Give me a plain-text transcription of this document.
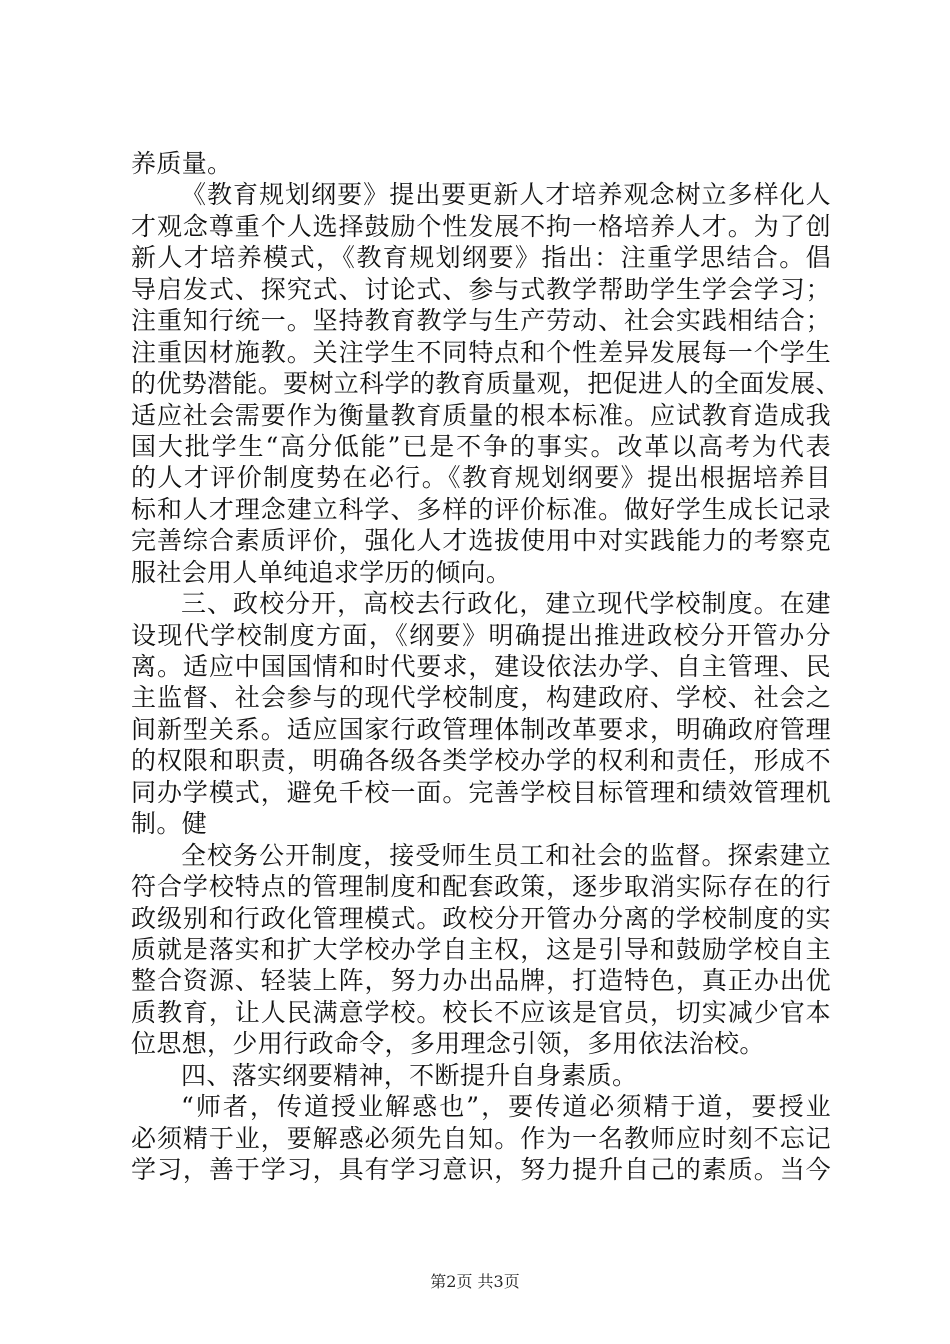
养质量。
《教育规划纲要》提出要更新人才培养观念树立多样化人
才观念尊重个人选择鼓励个性发展不拘一格培养人才。为了创
新人才培养模式，《教育规划纲要》指出：注重学思结合。倡
导启发式、探究式、讨论式、参与式教学帮助学生学会学习；
注重知行统一。坚持教育教学与生产劳动、社会实践相结合；
注重因材施教。关注学生不同特点和个性差异发展每一个学生
的优势潜能。要树立科学的教育质量观，把促进人的全面发展、
适应社会需要作为衡量教育质量的根本标准。应试教育造成我
国大批学生“高分低能”已是不争的事实。改革以高考为代表
的人才评价制度势在必行。《教育规划纲要》提出根据培养目
标和人才理念建立科学、多样的评价标准。做好学生成长记录
完善综合素质评价，强化人才选拔使用中对实践能力的考察克
服社会用人单纯追求学历的倾向。
三、政校分开，高校去行政化，建立现代学校制度。在建
设现代学校制度方面，《纲要》明确提出推进政校分开管办分
离。适应中国国情和时代要求，建设依法办学、自主管理、民
主监督、社会参与的现代学校制度，构建政府、学校、社会之
间新型关系。适应国家行政管理体制改革要求，明确政府管理
的权限和职责，明确各级各类学校办学的权利和责任，形成不
同办学模式，避免千校一面。完善学校目标管理和绩效管理机
制。健
全校务公开制度，接受师生员工和社会的监督。探索建立
符合学校特点的管理制度和配套政策，逐步取消实际存在的行
政级别和行政化管理模式。政校分开管办分离的学校制度的实
质就是落实和扩大学校办学自主权，这是引导和鼓励学校自主
整合资源、轻装上阵，努力办出品牌，打造特色，真正办出优
质教育，让人民满意学校。校长不应该是官员，切实减少官本
位思想，少用行政命令，多用理念引领，多用依法治校。
四、落实纲要精神，不断提升自身素质。
“师者，传道授业解惑也”，要传道必须精于道，要授业
必须精于业，要解惑必须先自知。作为一名教师应时刻不忘记
学习，善于学习，具有学习意识，努力提升自己的素质。当今
第2页 共3页
